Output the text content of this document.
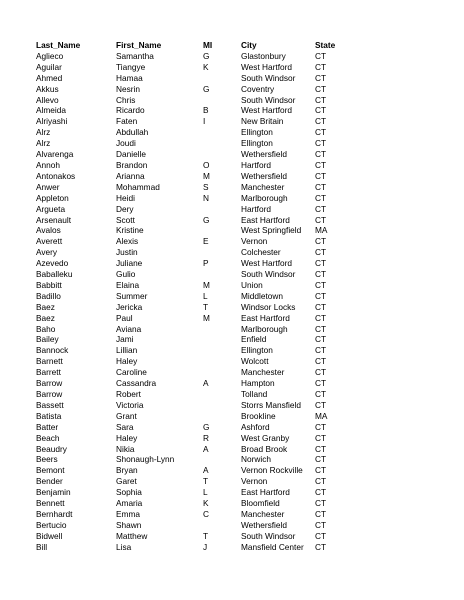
Last_Name	First_Name	MI	City	State
Aglieco	Samantha	G	Glastonbury	CT
Aguilar	Tiangye	K	West Hartford	CT
Ahmed	Hamaa		South Windsor	CT
Akkus	Nesrin	G	Coventry	CT
Allevo	Chris		South Windsor	CT
Almeida	Ricardo	B	West Hartford	CT
Alriyashi	Faten	I	New Britain	CT
Alrz	Abdullah		Ellington	CT
Alrz	Joudi		Ellington	CT
Alvarenga	Danielle		Wethersfield	CT
Annoh	Brandon	O	Hartford	CT
Antonakos	Arianna	M	Wethersfield	CT
Anwer	Mohammad	S	Manchester	CT
Appleton	Heidi	N	Marlborough	CT
Argueta	Dery		Hartford	CT
Arsenault	Scott	G	East Hartford	CT
Avalos	Kristine		West Springfield	MA
Averett	Alexis	E	Vernon	CT
Avery	Justin		Colchester	CT
Azevedo	Juliane	P	West Hartford	CT
Baballeku	Gulio		South Windsor	CT
Babbitt	Elaina	M	Union	CT
Badillo	Summer	L	Middletown	CT
Baez	Jericka	T	Windsor Locks	CT
Baez	Paul	M	East Hartford	CT
Baho	Aviana		Marlborough	CT
Bailey	Jami		Enfield	CT
Bannock	Lillian		Ellington	CT
Barnett	Haley		Wolcott	CT
Barrett	Caroline		Manchester	CT
Barrow	Cassandra	A	Hampton	CT
Barrow	Robert		Tolland	CT
Bassett	Victoria		Storrs Mansfield	CT
Batista	Grant		Brookline	MA
Batter	Sara	G	Ashford	CT
Beach	Haley	R	West Granby	CT
Beaudry	Nikia	A	Broad Brook	CT
Beers	Shonaugh-Lynn		Norwich	CT
Bemont	Bryan	A	Vernon Rockville	CT
Bender	Garet	T	Vernon	CT
Benjamin	Sophia	L	East Hartford	CT
Bennett	Amaria	K	Bloomfield	CT
Bernhardt	Emma	C	Manchester	CT
Bertucio	Shawn		Wethersfield	CT
Bidwell	Matthew	T	South Windsor	CT
Bill	Lisa	J	Mansfield Center	CT
